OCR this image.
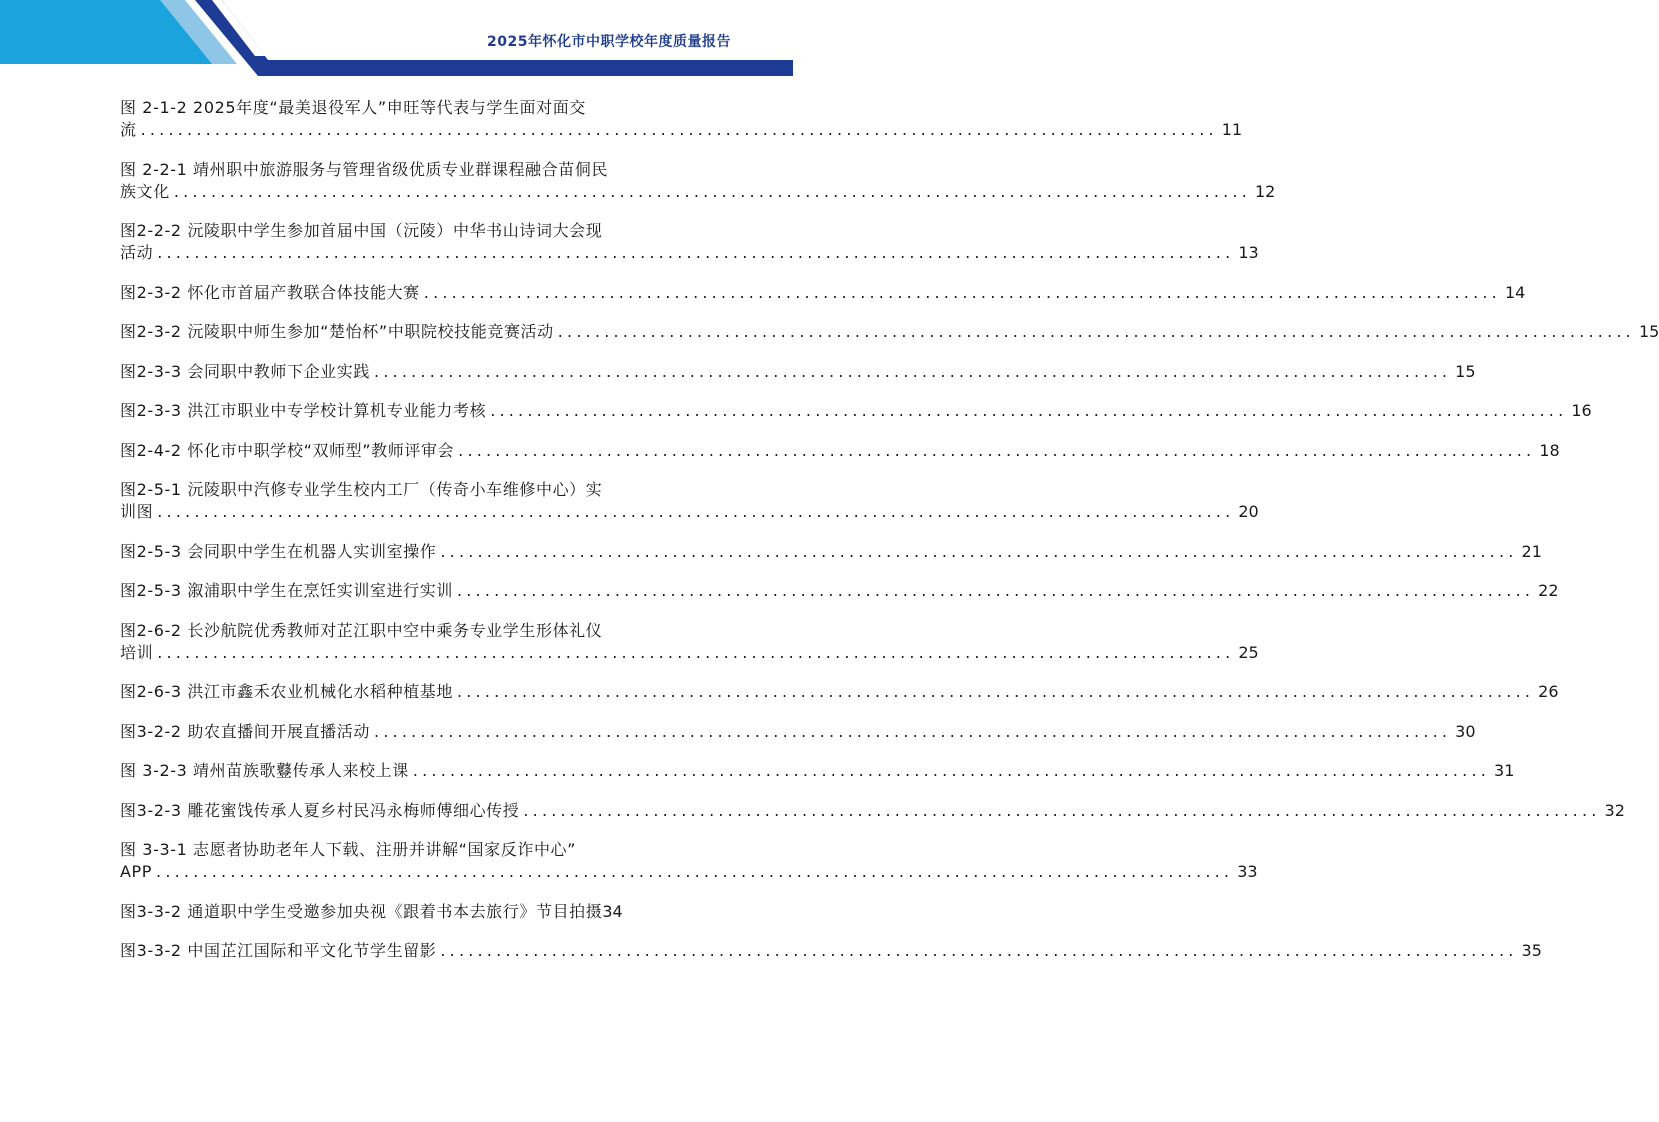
2025年怀化市中职学校年度质量报告
图 2-1-2 2025年度“最美退役军人”申旺等代表与学生面对面交
流 .................................................................................................................... 11
图 2-2-1 靖州职中旅游服务与管理省级优质专业群课程融合苗侗民
族文化 .................................................................................................................... 12
图2-2-2 沅陵职中学生参加首届中国（沅陵）中华书山诗词大会现
活动 .................................................................................................................... 13
图2-3-2 怀化市首届产教联合体技能大赛 .................................................................................................................... 14
图2-3-2 沅陵职中师生参加“楚怡杯”中职院校技能竞赛活动 .................................................................................................................... 15
图2-3-3 会同职中教师下企业实践 .................................................................................................................... 15
图2-3-3 洪江市职业中专学校计算机专业能力考核 .................................................................................................................... 16
图2-4-2 怀化市中职学校“双师型”教师评审会 .................................................................................................................... 18
图2-5-1 沅陵职中汽修专业学生校内工厂（传奇小车维修中心）实
训图 .................................................................................................................... 20
图2-5-3 会同职中学生在机器人实训室操作 .................................................................................................................... 21
图2-5-3 溆浦职中学生在烹饪实训室进行实训 .................................................................................................................... 22
图2-6-2 长沙航院优秀教师对芷江职中空中乘务专业学生形体礼仪
培训 .................................................................................................................... 25
图2-6-3 洪江市鑫禾农业机械化水稻种植基地 .................................................................................................................... 26
图3-2-2 助农直播间开展直播活动 .................................................................................................................... 30
图 3-2-3 靖州苗族歌鼟传承人来校上课 .................................................................................................................... 31
图3-2-3 雕花蜜饯传承人夏乡村民冯永梅师傅细心传授 .................................................................................................................... 32
图 3-3-1 志愿者协助老年人下载、注册并讲解“国家反诈中心”
APP .................................................................................................................... 33
图3-3-2 通道职中学生受邀参加央视《跟着书本去旅行》节目拍摄 34
图3-3-2 中国芷江国际和平文化节学生留影 .................................................................................................................... 35
